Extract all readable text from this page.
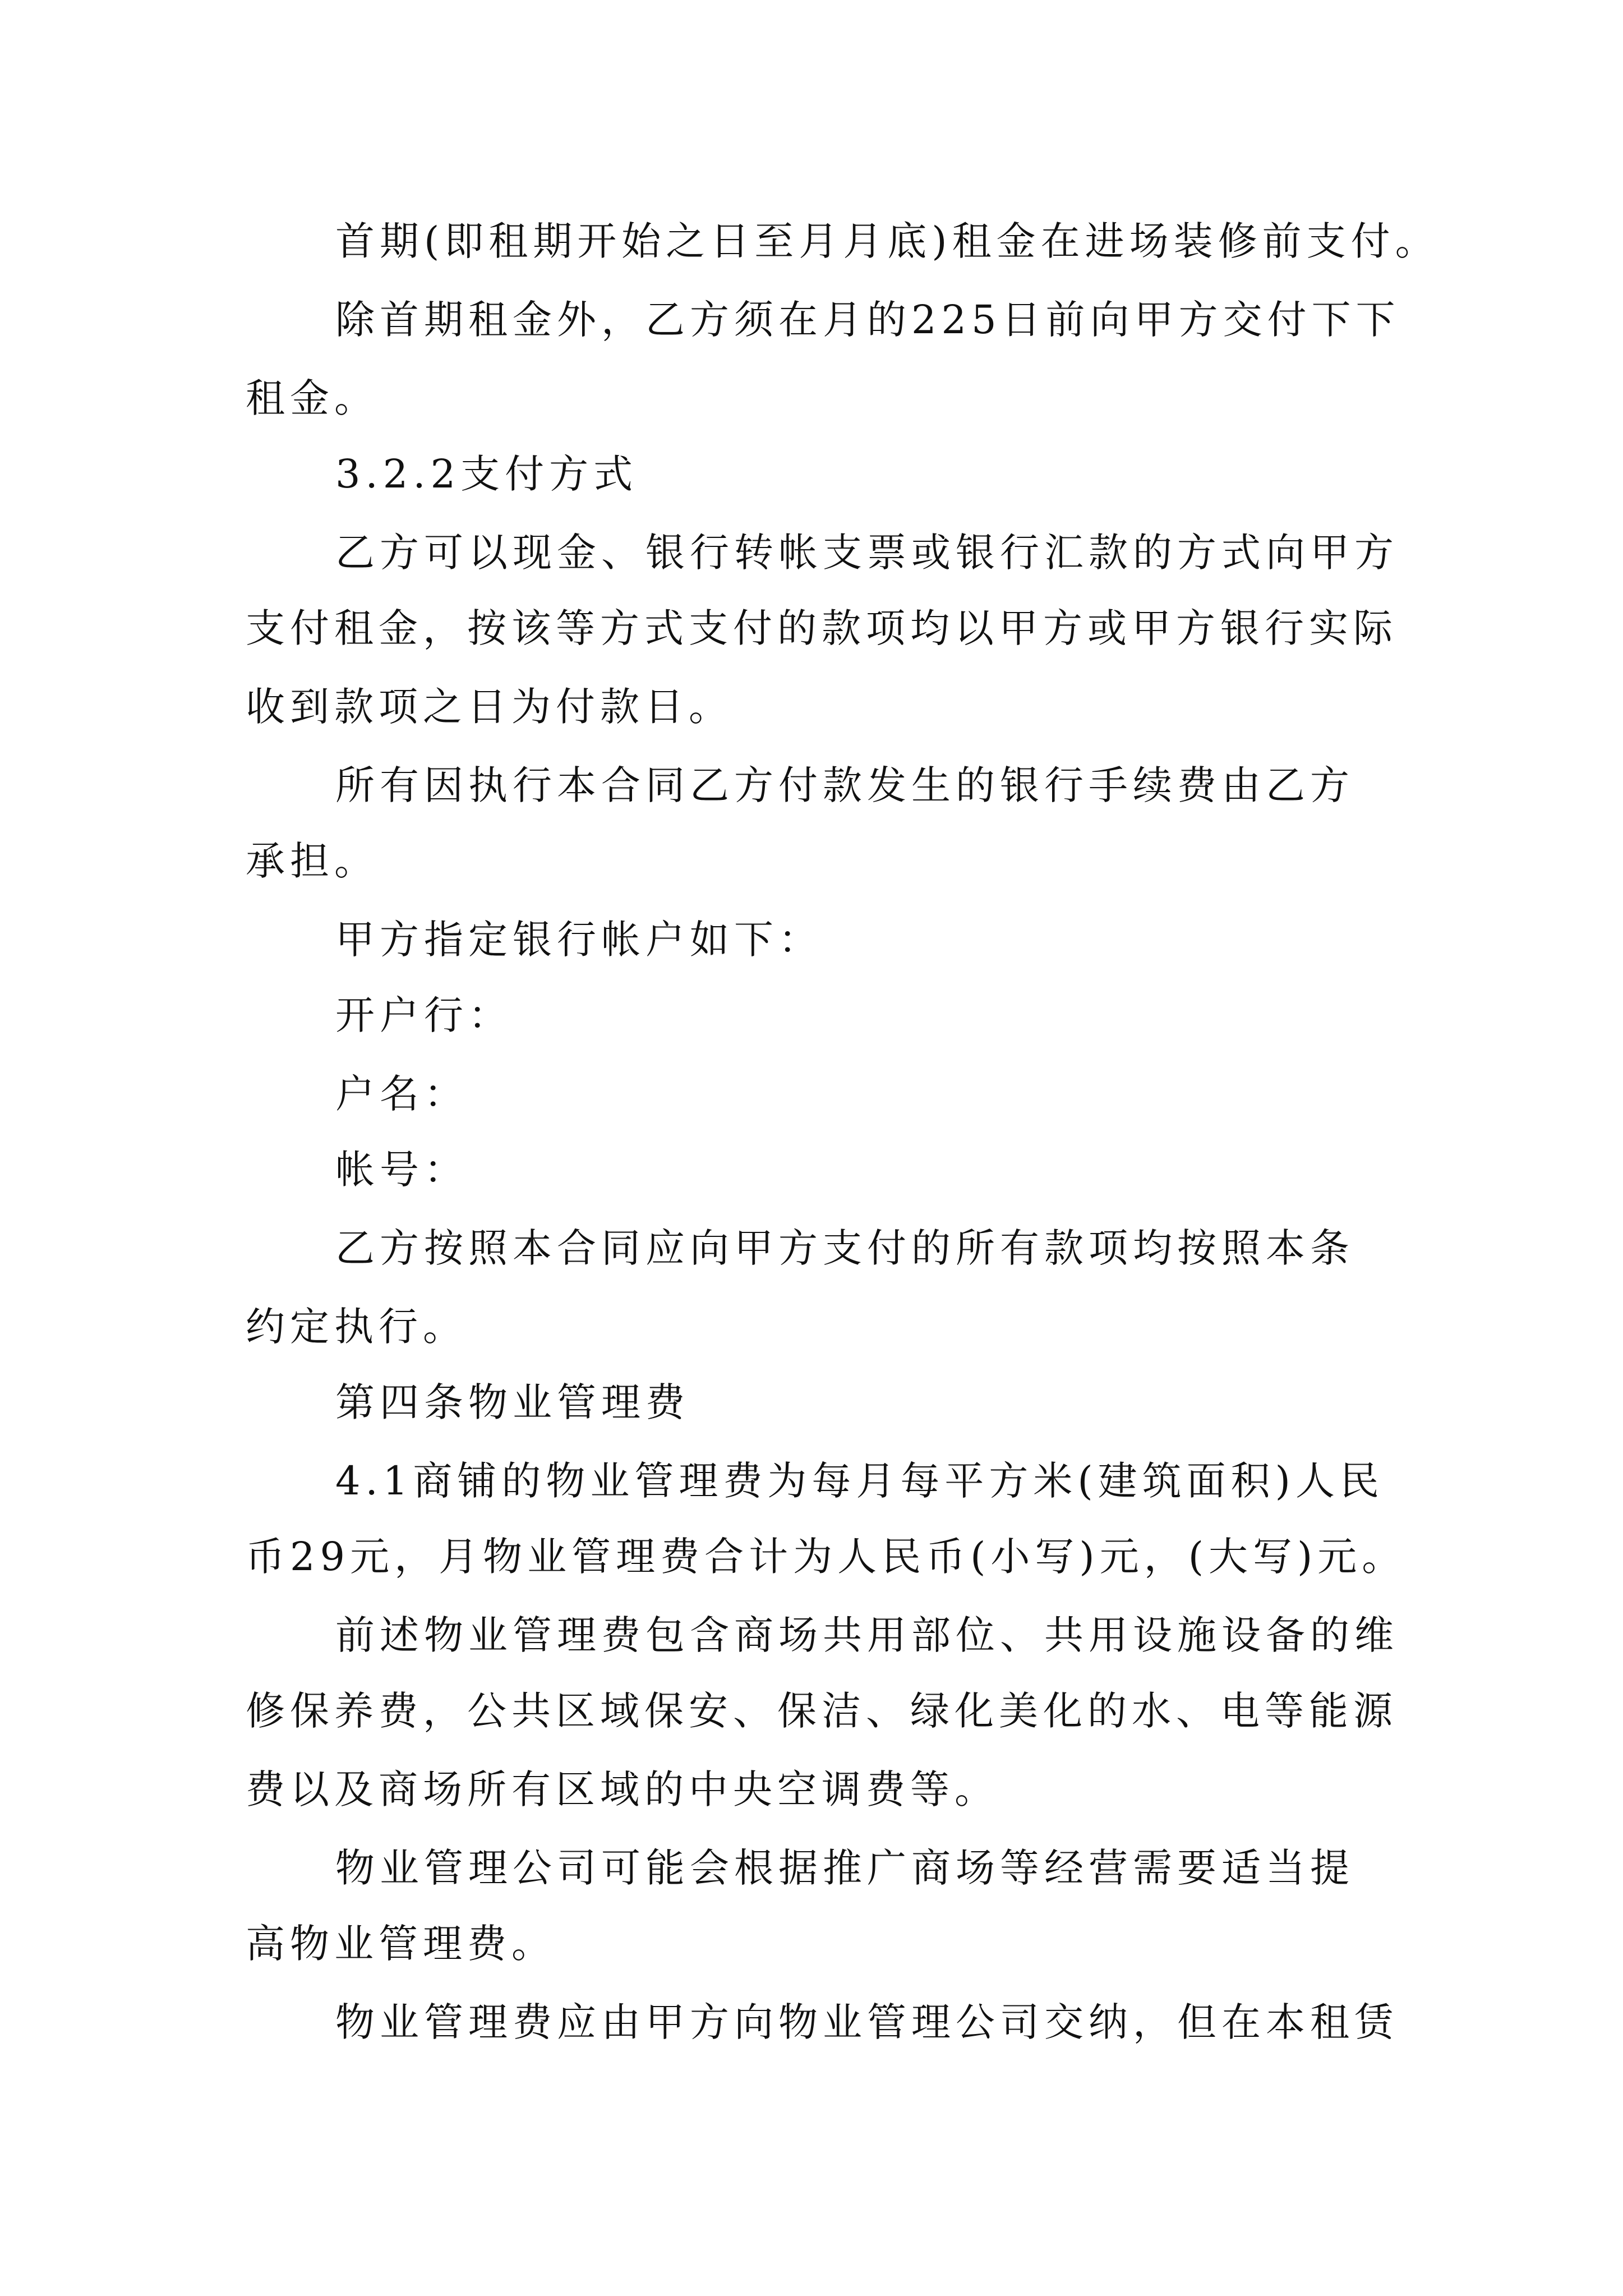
首期(即租期开始之日至月月底)租金在进场装修前支付。
除首期租金外，乙方须在月的225日前向甲方交付下下
租金。
3.2.2支付方式
乙方可以现金、银行转帐支票或银行汇款的方式向甲方
支付租金，按该等方式支付的款项均以甲方或甲方银行实际
收到款项之日为付款日。
所有因执行本合同乙方付款发生的银行手续费由乙方
承担。
甲方指定银行帐户如下：
开户行：
户名：
帐号：
乙方按照本合同应向甲方支付的所有款项均按照本条
约定执行。
第四条物业管理费
4.1商铺的物业管理费为每月每平方米(建筑面积)人民
币29元，月物业管理费合计为人民币(小写)元，(大写)元。
前述物业管理费包含商场共用部位、共用设施设备的维
修保养费，公共区域保安、保洁、绿化美化的水、电等能源
费以及商场所有区域的中央空调费等。
物业管理公司可能会根据推广商场等经营需要适当提
高物业管理费。
物业管理费应由甲方向物业管理公司交纳，但在本租赁
